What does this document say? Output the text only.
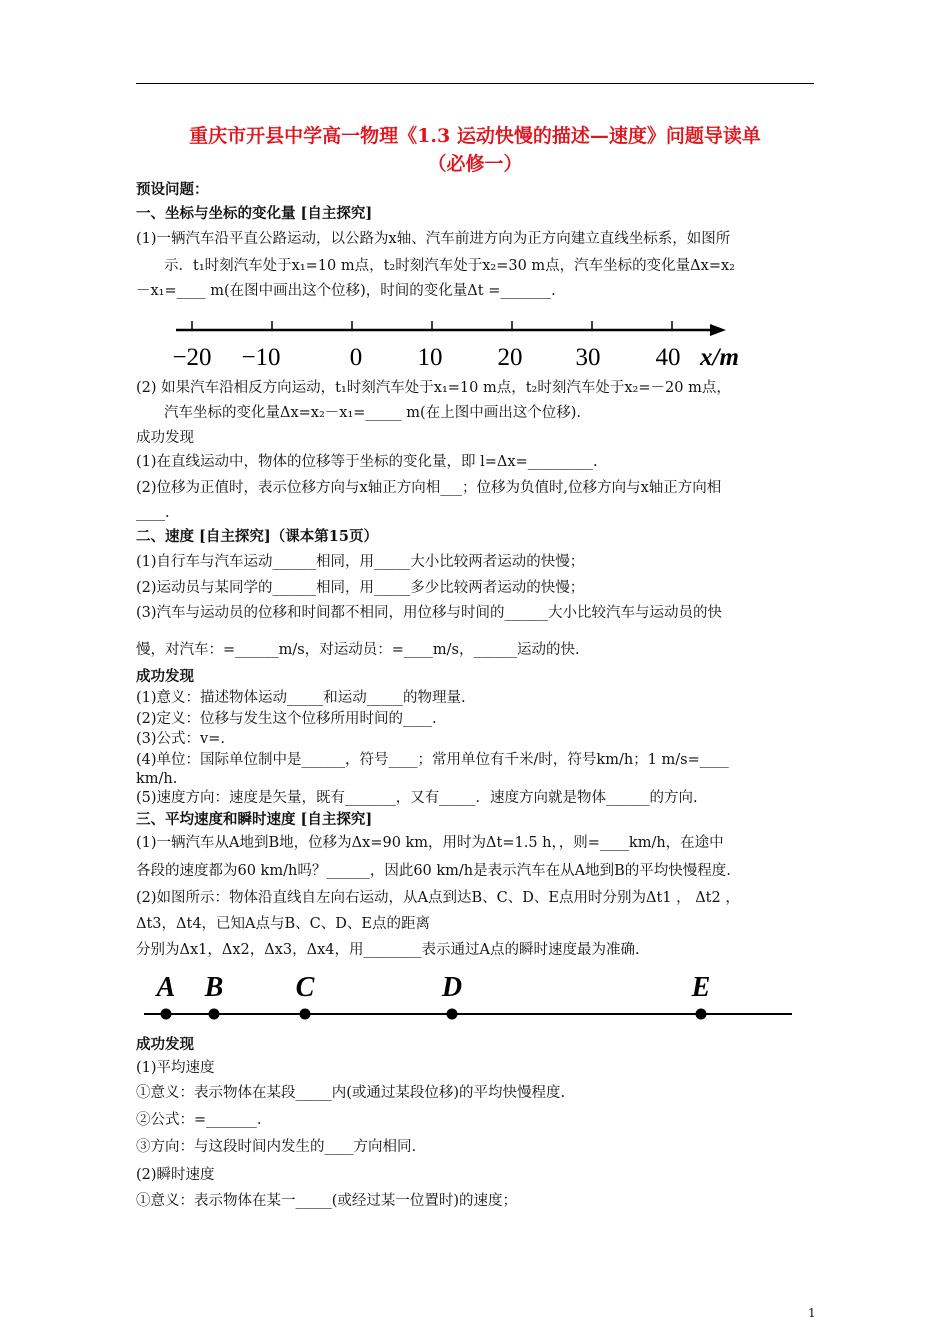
重庆市开县中学高一物理《1.3 运动快慢的描述—速度》问题导读单
（必修一）
预设问题：
一、坐标与坐标的变化量 [自主探究]
(1)一辆汽车沿平直公路运动，以公路为x轴、汽车前进方向为正方向建立直线坐标系，如图所
示．t₁时刻汽车处于x₁=10 m点，t₂时刻汽车处于x₂=30 m点，汽车坐标的变化量Δx=x₂
－x₁=____ m(在图中画出这个位移)，时间的变化量Δt =_______.
−20 −10	0 10 20 30 40 x/m
(2) 如果汽车沿相反方向运动，t₁时刻汽车处于x₁=10 m点，t₂时刻汽车处于x₂=－20 m点，
汽车坐标的变化量Δx=x₂－x₁=_____ m(在上图中画出这个位移).
成功发现
(1)在直线运动中，物体的位移等于坐标的变化量，即 l=Δx=_________.
(2)位移为正值时，表示位移方向与x轴正方向相___；位移为负值时,位移方向与x轴正方向相
____.
二、速度 [自主探究]（课本第15页）
(1)自行车与汽车运动______相同，用_____大小比较两者运动的快慢；
(2)运动员与某同学的______相同，用_____多少比较两者运动的快慢；
(3)汽车与运动员的位移和时间都不相同，用位移与时间的______大小比较汽车与运动员的快
慢，对汽车：=______m/s，对运动员：=____m/s，______运动的快.
成功发现
(1)意义：描述物体运动_____和运动_____的物理量.
(2)定义：位移与发生这个位移所用时间的____.
(3)公式：v=.
(4)单位：国际单位制中是______，符号____；常用单位有千米/时，符号km/h；1 m/s=____
km/h.
(5)速度方向：速度是矢量，既有_______，又有_____．速度方向就是物体______的方向.
三、平均速度和瞬时速度 [自主探究]
(1)一辆汽车从A地到B地，位移为Δx=90 km，用时为Δt=1.5 h，，则=____km/h，在途中
各段的速度都为60 km/h吗？______，因此60 km/h是表示汽车在从A地到B的平均快慢程度.
(2)如图所示：物体沿直线自左向右运动，从A点到达B、C、D、E点用时分别为Δt1 ， Δt2 ，
Δt3，Δt4，已知A点与B、C、D、E点的距离
分别为Δx1，Δx2，Δx3，Δx4，用________表示通过A点的瞬时速度最为准确.
A B	C	D	E
成功发现
(1)平均速度
①意义：表示物体在某段_____内(或通过某段位移)的平均快慢程度.
②公式：=_______.
③方向：与这段时间内发生的____方向相同.
(2)瞬时速度
①意义：表示物体在某一_____(或经过某一位置时)的速度；
1
